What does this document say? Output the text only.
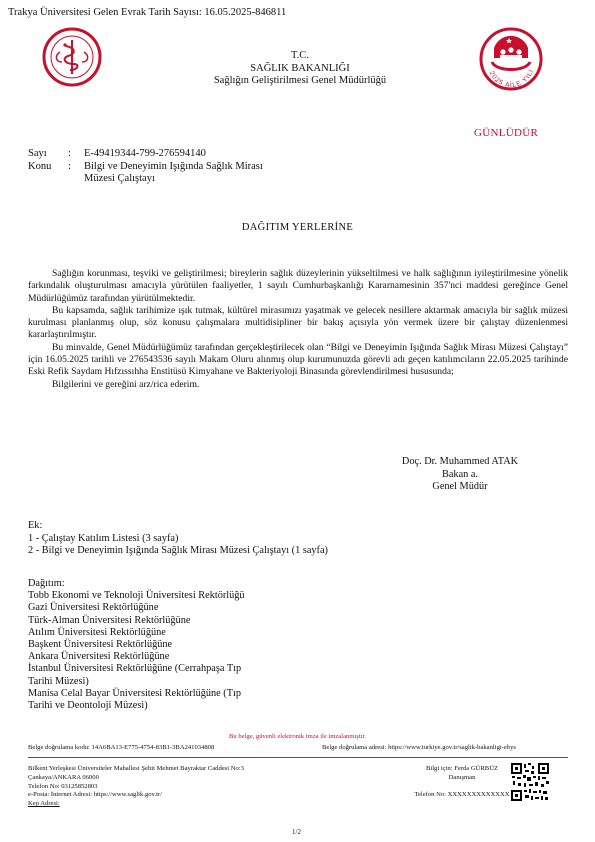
Trakya Üniversitesi Gelen Evrak Tarih Sayısı: 16.05.2025-846811
T.C.
SAĞLIK BAKANLIĞI
Sağlığın Geliştirilmesi Genel Müdürlüğü
2025 AİLE YILI
GÜNLÜDÜR
Sayı	:	E-49419344-799-276594140
Konu	:	Bilgi ve Deneyimin Işığında Sağlık Mirası
Müzesi Çalıştayı
DAĞITIM YERLERİNE

Sağlığın korunması, teşviki ve geliştirilmesi; bireylerin sağlık düzeylerinin yükseltilmesi ve halk sağlığının iyileştirilmesine yönelik farkındalık oluşturulması amacıyla yürütülen faaliyetler, 1 sayılı Cumhurbaşkanlığı Kararnamesinin 357'nci maddesi gereğince Genel Müdürlüğümüz tarafından yürütülmektedir.

Bu kapsamda, sağlık tarihimize ışık tutmak, kültürel mirasımızı yaşatmak ve gelecek nesillere aktarmak amacıyla bir sağlık müzesi kurulması planlanmış olup, söz konusu çalışmalara multidisipliner bir bakış açısıyla yön vermek üzere bir çalıştay düzenlenmesi kararlaştırılmıştır.

Bu minvalde, Genel Müdürlüğümüz tarafından gerçekleştirilecek olan “Bilgi ve Deneyimin Işığında Sağlık Mirası Müzesi Çalıştayı” için 16.05.2025 tarihli ve 276543536 sayılı Makam Oluru alınmış olup kurumunuzda görevli adı geçen katılımcıların 22.05.2025 tarihinde Eski Refik Saydam Hıfzıssıhha Enstitüsü Kimyahane ve Bakteriyoloji Binasında görevlendirilmesi hususunda;

Bilgilerini ve gereğini arz/rica ederim.

Doç. Dr. Muhammed ATAK
Bakan a.
Genel Müdür
Ek:
1 - Çalıştay Katılım Listesi (3 sayfa)
2 - Bilgi ve Deneyimin Işığında Sağlık Mirası Müzesi Çalıştayı (1 sayfa)
Dağıtım:
Tobb Ekonomi ve Teknoloji Üniversitesi Rektörlüğü
Gazi Üniversitesi Rektörlüğüne
Türk-Alman Üniversitesi Rektörlüğüne
Atılım Üniversitesi Rektörlüğüne
Başkent Üniversitesi Rektörlüğüne
Ankara Üniversitesi Rektörlüğüne
İstanbul Üniversitesi Rektörlüğüne (Cerrahpaşa Tıp
Tarihi Müzesi)
Manisa Celal Bayar Üniversitesi Rektörlüğüne (Tıp
Tarihi ve Deontoloji Müzesi)
Bu belge, güvenli elektronik imza ile imzalanmıştır.
Belge doğrulama kodu: 14A6BA13-E775-4754-83B1-3BA241034808	Belge doğrulama adresi: https://www.turkiye.gov.tr/saglik-bakanligi-ebys
Bilkent Yerleşkesi Üniversiteler Mahallesi Şehit Mehmet Bayraktar Caddesi No:3
Çankaya/ANKARA 06000
Telefon No: 03125852803
e-Posta: İnternet Adresi: https://www.saglik.gov.tr/
Kep Adresi:
Bilgi için: Ferda GÜRBÜZ
Danışman
Telefon No: XXXXXXXXXXXXX
1/2
